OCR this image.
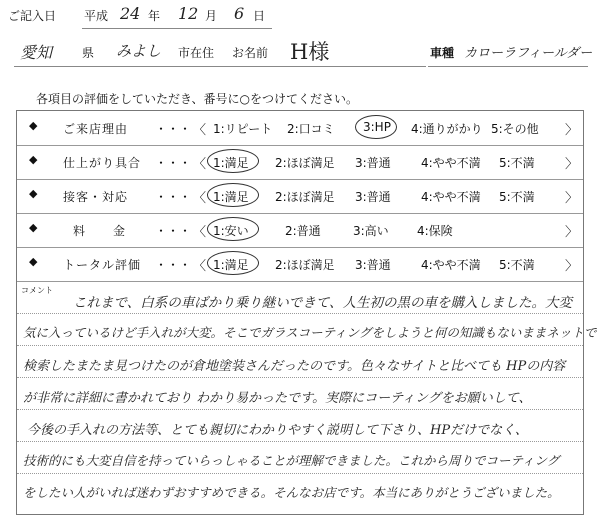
ご記入日 平成 24 年 12 月 6 日
愛知 県 みよし 市在住 お名前 H様	車種 カローラフィールダー
各項目の評価をしていただき、番号に○をつけてください。
◆ ご来店理由 ・・・ 〈 1:リピート 2:口コミ 3:HP 4:通りがかり 5:その他 〉
◆ 仕上がり具合 ・・・ 〈 1:満足 2:ほぼ満足 3:普通	4:やや不満 5:不満 〉
◆ 接客・対応 ・・・ 〈 1:満足 2:ほぼ満足 3:普通	4:やや不満 5:不満 〉
◆	料　金 ・・・ 〈 1:安い	2:普通	3:高い 4:保険	〉
◆ トータル評価 ・・・ 〈 1:満足 2:ほぼ満足 3:普通	4:やや不満 5:不満 〉
コメント
これまで、白系の車ばかり乗り継いできて、人生初の黒の車を購入しました。大変
気に入っているけど手入れが大変。そこでガラスコーティングをしようと何の知識もないままネットで
検索したまたま見つけたのが倉地塗装さんだったのです。色々なサイトと比べても HPの内容
が非常に詳細に書かれており わかり易かったです。実際にコーティングをお願いして、
今後の手入れの方法等、とても親切にわかりやすく説明して下さり、HPだけでなく、
技術的にも大変自信を持っていらっしゃることが理解できました。これから周りでコーティング
をしたい人がいれば迷わずおすすめできる。そんなお店です。本当にありがとうございました。
